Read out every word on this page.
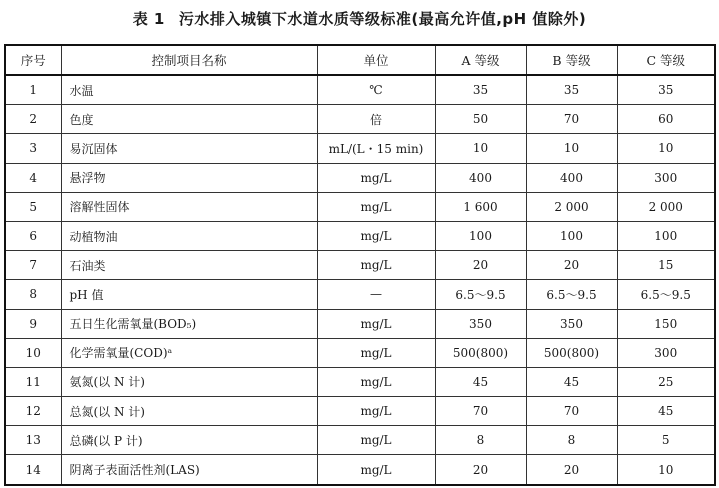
表 1 污水排入城镇下水道水质等级标准(最高允许值,pH 值除外)
序号	控制项目名称	单位	A 等级	B 等级	C 等级
1	水温	℃	35	35	35
2	色度	倍	50	70	60
3	易沉固体	mL/(L・15 min)	10	10	10
4	悬浮物	mg/L	400	400	300
5	溶解性固体	mg/L	1 600	2 000	2 000
6	动植物油	mg/L	100	100	100
7	石油类	mg/L	20	20	15
8	pH 值	—	6.5～9.5	6.5～9.5	6.5～9.5
9	五日生化需氧量(BOD₅)	mg/L	350	350	150
10	化学需氧量(COD)ᵃ	mg/L	500(800)	500(800)	300
11	氨氮(以 N 计)	mg/L	45	45	25
12	总氮(以 N 计)	mg/L	70	70	45
13	总磷(以 P 计)	mg/L	8	8	5
14	阴离子表面活性剂(LAS)	mg/L	20	20	10
